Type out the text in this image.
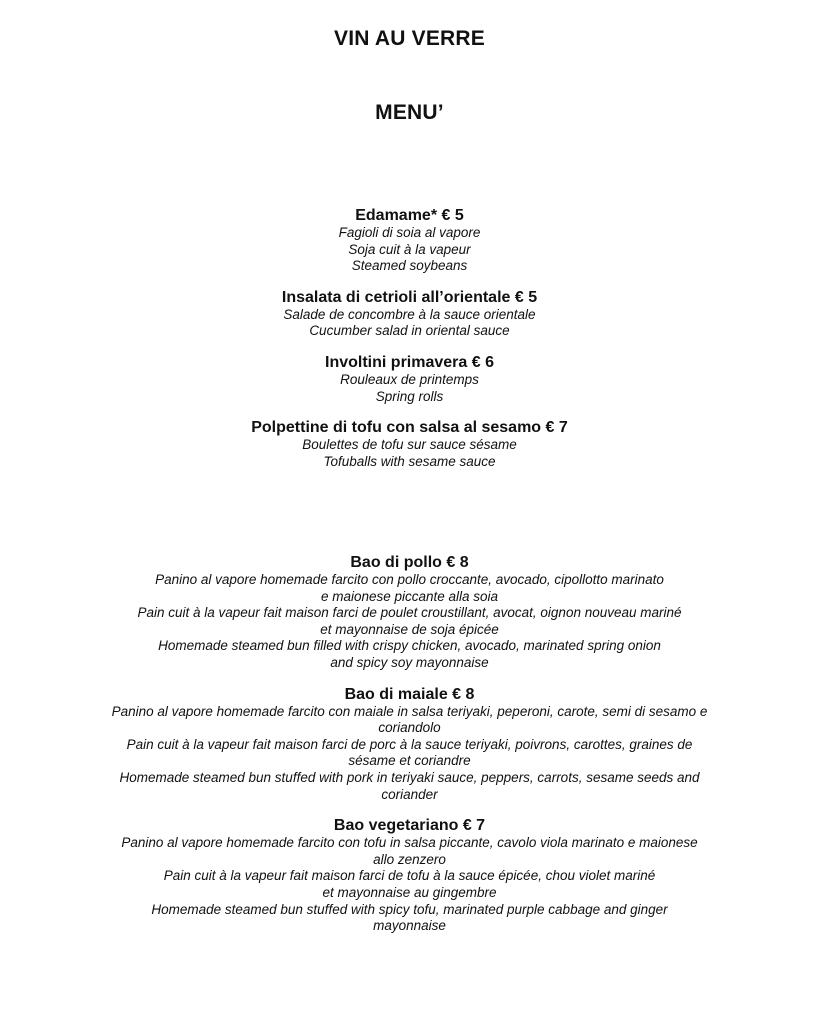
VIN AU VERRE
MENU’
Edamame* € 5
Fagioli di soia al vapore
Soja cuit à la vapeur
Steamed soybeans
Insalata di cetrioli all’orientale € 5
Salade de concombre à la sauce orientale
Cucumber salad in oriental sauce
Involtini primavera € 6
Rouleaux de printemps
Spring rolls
Polpettine di tofu con salsa al sesamo € 7
Boulettes de tofu sur sauce sésame
Tofuballs with sesame sauce
Bao di pollo € 8
Panino al vapore homemade farcito con pollo croccante, avocado, cipollotto marinato
e maionese piccante alla soia
Pain cuit à la vapeur fait maison farci de poulet croustillant, avocat, oignon nouveau mariné
et mayonnaise de soja épicée
Homemade steamed bun filled with crispy chicken, avocado, marinated spring onion
and spicy soy mayonnaise
Bao di maiale € 8
Panino al vapore homemade farcito con maiale in salsa teriyaki, peperoni, carote, semi di sesamo e
coriandolo
Pain cuit à la vapeur fait maison farci de porc à la sauce teriyaki, poivrons, carottes, graines de
sésame et coriandre
Homemade steamed bun stuffed with pork in teriyaki sauce, peppers, carrots, sesame seeds and
coriander
Bao vegetariano € 7
Panino al vapore homemade farcito con tofu in salsa piccante, cavolo viola marinato e maionese
allo zenzero
Pain cuit à la vapeur fait maison farci de tofu à la sauce épicée, chou violet mariné
et mayonnaise au gingembre
Homemade steamed bun stuffed with spicy tofu, marinated purple cabbage and ginger
mayonnaise
